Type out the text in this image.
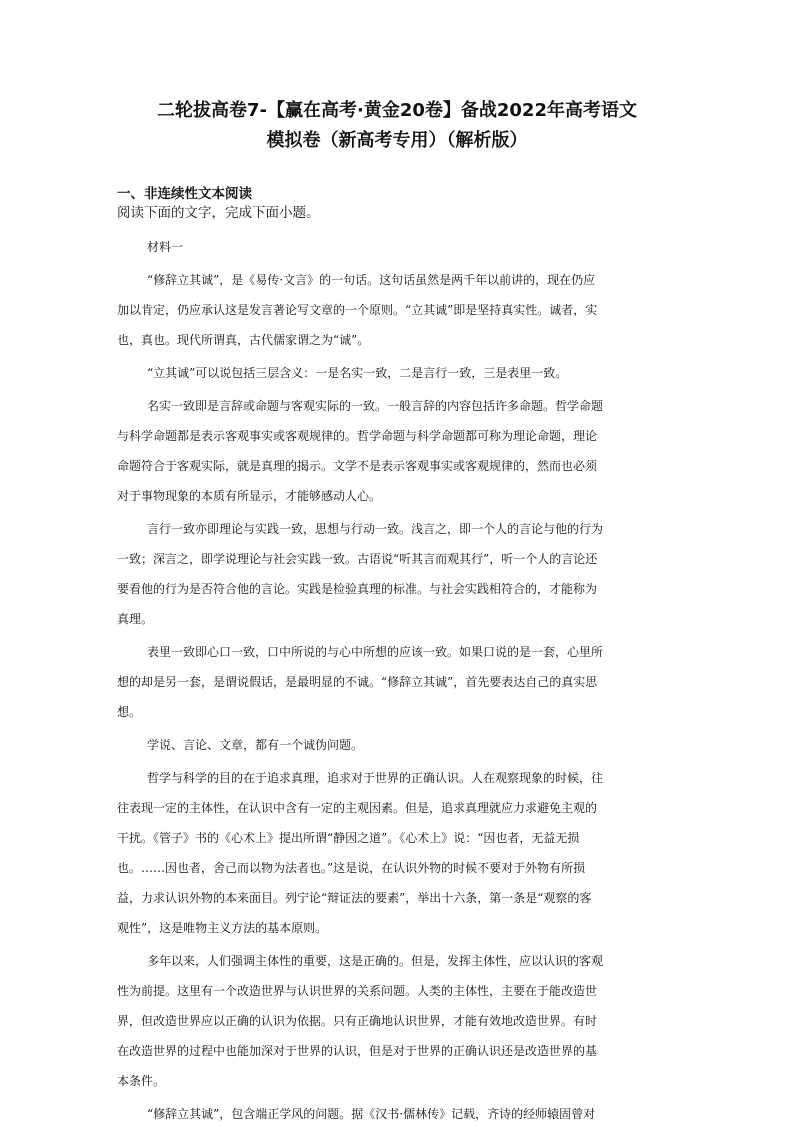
二轮拔高卷7-【赢在高考·黄金20卷】备战2022年高考语文
模拟卷（新高考专用）（解析版）
一、非连续性文本阅读

阅读下面的文字，完成下面小题。

材料一
“修辞立其诚”，是《易传·文言》的一句话。这句话虽然是两千年以前讲的，现在仍应
加以肯定，仍应承认这是发言著论写文章的一个原则。“立其诚”即是坚持真实性。诚者，实
也，真也。现代所谓真，古代儒家谓之为“诚”。
“立其诚”可以说包括三层含义：一是名实一致，二是言行一致，三是表里一致。
名实一致即是言辞或命题与客观实际的一致。一般言辞的内容包括许多命题。哲学命题
与科学命题都是表示客观事实或客观规律的。哲学命题与科学命题都可称为理论命题，理论
命题符合于客观实际，就是真理的揭示。文学不是表示客观事实或客观规律的，然而也必须
对于事物现象的本质有所显示，才能够感动人心。
言行一致亦即理论与实践一致，思想与行动一致。浅言之，即一个人的言论与他的行为
一致；深言之，即学说理论与社会实践一致。古语说“听其言而观其行”，听一个人的言论还
要看他的行为是否符合他的言论。实践是检验真理的标准。与社会实践相符合的，才能称为
真理。
表里一致即心口一致，口中所说的与心中所想的应该一致。如果口说的是一套，心里所
想的却是另一套，是谓说假话，是最明显的不诚。“修辞立其诚”，首先要表达自己的真实思
想。
学说、言论、文章，都有一个诚伪问题。
哲学与科学的目的在于追求真理，追求对于世界的正确认识。人在观察现象的时候，往
往表现一定的主体性，在认识中含有一定的主观因素。但是，追求真理就应力求避免主观的
干扰。《管子》书的《心术上》提出所谓“静因之道”。《心术上》说：“因也者，无益无损
也。……因也者，舍己而以物为法者也。”这是说，在认识外物的时候不要对于外物有所损
益，力求认识外物的本来面目。列宁论“辩证法的要素”，举出十六条，第一条是“观察的客
观性”，这是唯物主义方法的基本原则。
多年以来，人们强调主体性的重要，这是正确的。但是，发挥主体性，应以认识的客观
性为前提。这里有一个改造世界与认识世界的关系问题。人类的主体性，主要在于能改造世
界，但改造世界应以正确的认识为依据。只有正确地认识世界，才能有效地改造世界。有时
在改造世界的过程中也能加深对于世界的认识，但是对于世界的正确认识还是改造世界的基
本条件。
“修辞立其诚”，包含端正学风的问题。据《汉书·儒林传》记载，齐诗的经师辕固曾对
